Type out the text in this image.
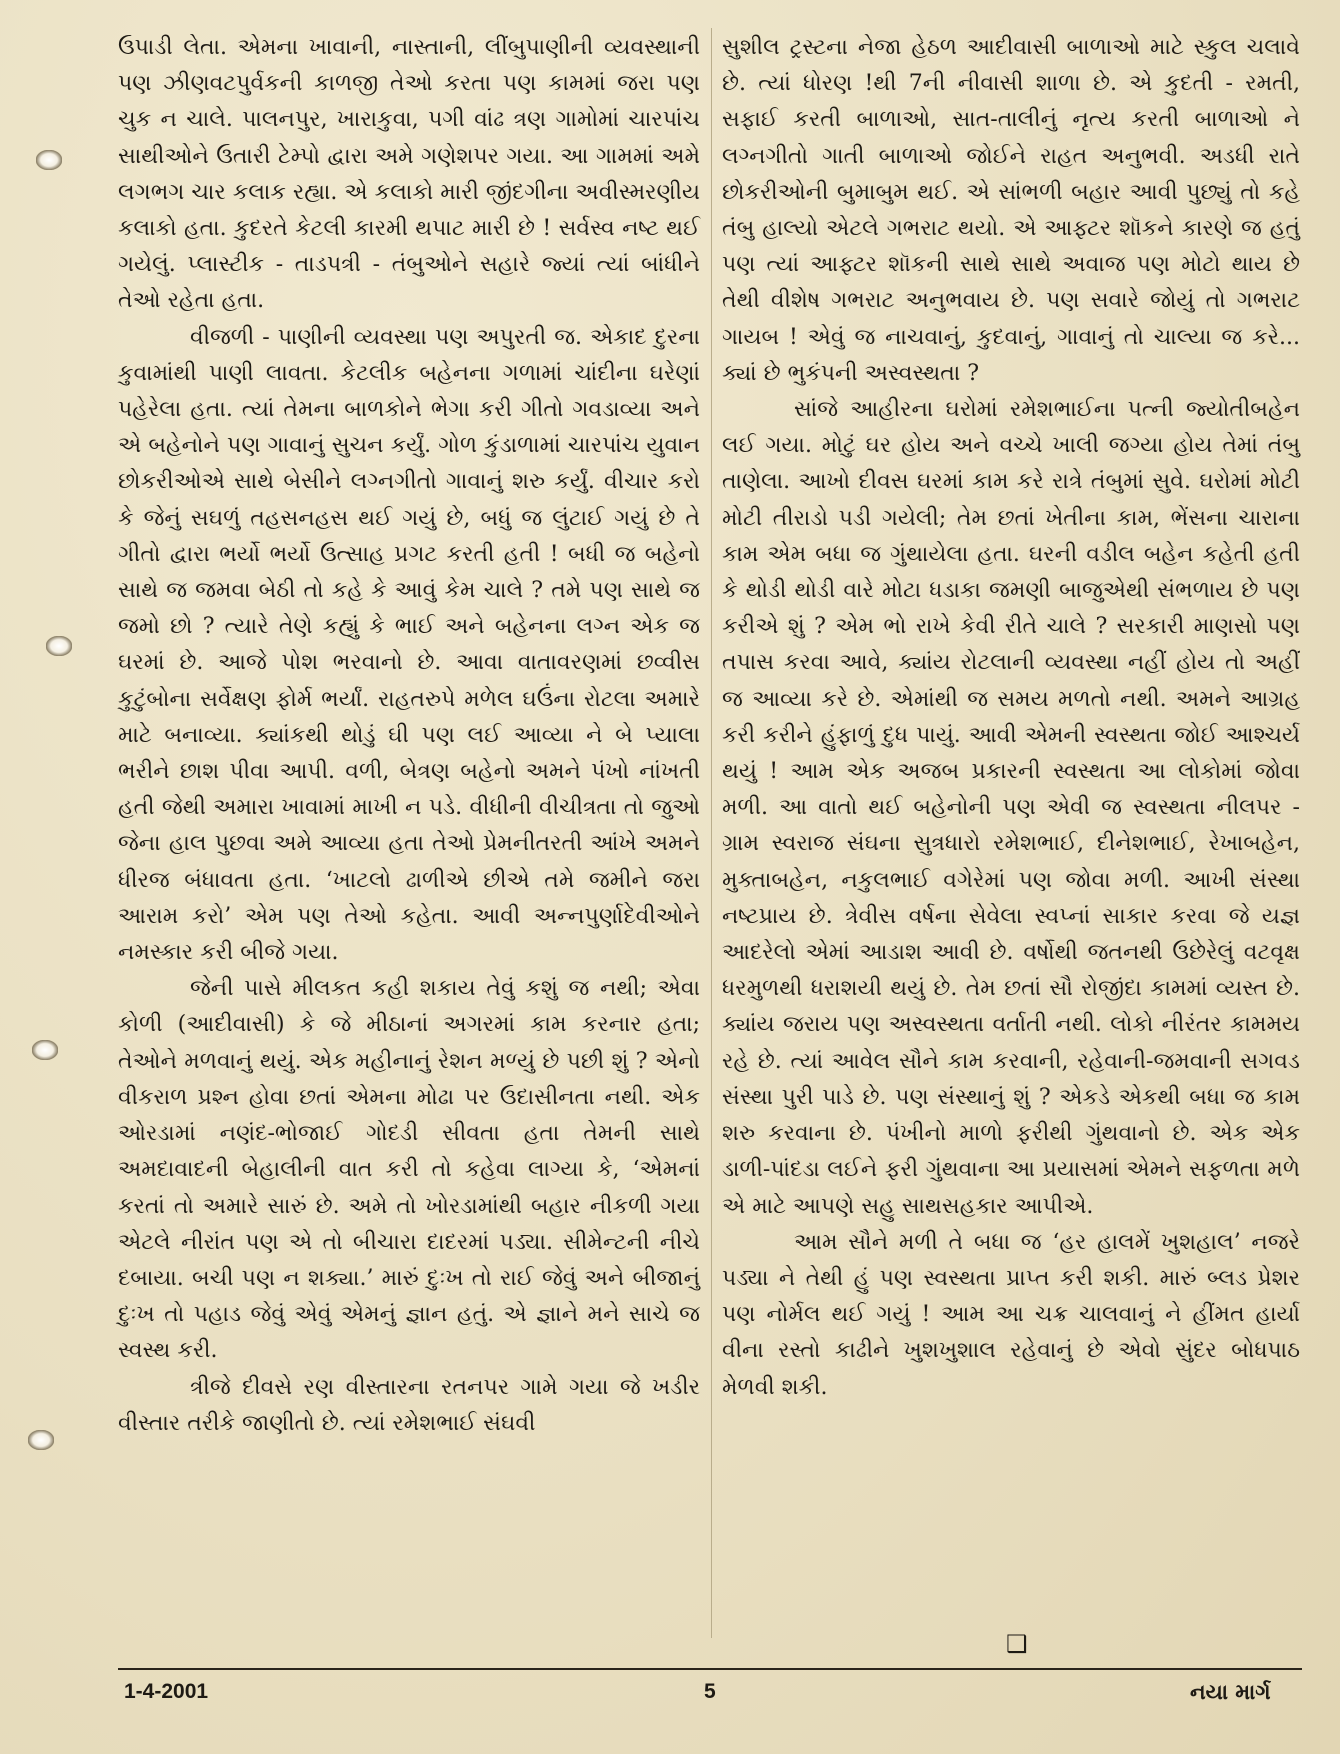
ઉપાડી લેતા. એમના ખાવાની, નાસ્તાની, લીંબુપાણીની વ્યવસ્થાની પણ ઝીણવટપુર્વકની કાળજી તેઓ કરતા પણ કામમાં જરા પણ ચુક ન ચાલે. પાલનપુર, ખારાકુવા, પગી વાંઢ ત્રણ ગામોમાં ચારપાંચ સાથીઓને ઉતારી ટેમ્પો દ્વારા અમે ગણેશપર ગયા. આ ગામમાં અમે લગભગ ચાર કલાક રહ્યા. એ કલાકો મારી જીંદગીના અવીસ્મરણીય કલાકો હતા. કુદરતે કેટલી કારમી થપાટ મારી છે ! સર્વસ્વ નષ્ટ થઈ ગયેલું. પ્લાસ્ટીક - તાડપત્રી - તંબુઓને સહારે જ્યાં ત્યાં બાંધીને તેઓ રહેતા હતા.

વીજળી - પાણીની વ્યવસ્થા પણ અપુરતી જ. એકાદ દુરના કુવામાંથી પાણી લાવતા. કેટલીક બહેનના ગળામાં ચાંદીના ઘરેણાં પહેરેલા હતા. ત્યાં તેમના બાળકોને ભેગા કરી ગીતો ગવડાવ્યા અને એ બહેનોને પણ ગાવાનું સુચન કર્યું. ગોળ કુંડાળામાં ચારપાંચ યુવાન છોકરીઓએ સાથે બેસીને લગ્નગીતો ગાવાનું શરુ કર્યું. વીચાર કરો કે જેનું સઘળું તહસનહસ થઈ ગયું છે, બધું જ લુંટાઈ ગયું છે તે ગીતો દ્વારા ભર્યો ભર્યો ઉત્સાહ પ્રગટ કરતી હતી ! બધી જ બહેનો સાથે જ જમવા બેઠી તો કહે કે આવું કેમ ચાલે ? તમે પણ સાથે જ જમો છો ? ત્યારે તેણે કહ્યું કે ભાઈ અને બહેનના લગ્ન એક જ ઘરમાં છે. આજે પોશ ભરવાનો છે. આવા વાતાવરણમાં છવ્વીસ કુટુંબોના સર્વેક્ષણ ફોર્મ ભર્યાં. રાહતરુપે મળેલ ઘઉંના રોટલા અમારે માટે બનાવ્યા. ક્યાંકથી થોડું ઘી પણ લઈ આવ્યા ને બે પ્યાલા ભરીને છાશ પીવા આપી. વળી, બેત્રણ બહેનો અમને પંખો નાંખતી હતી જેથી અમારા ખાવામાં માખી ન પડે. વીધીની વીચીત્રતા તો જુઓ જેના હાલ પુછવા અમે આવ્યા હતા તેઓ પ્રેમનીતરતી આંખે અમને ધીરજ બંધાવતા હતા. ‘ખાટલો ઢાળીએ છીએ તમે જમીને જરા આરામ કરો’ એમ પણ તેઓ કહેતા. આવી અન્નપુર્ણાદેવીઓને નમસ્કાર કરી બીજે ગયા.

જેની પાસે મીલકત કહી શકાય તેવું કશું જ નથી; એવા કોળી (આદીવાસી) કે જે મીઠાનાં અગરમાં કામ કરનાર હતા; તેઓને મળવાનું થયું. એક મહીનાનું રેશન મળ્યું છે પછી શું ? એનો વીકરાળ પ્રશ્ન હોવા છતાં એમના મોઢા પર ઉદાસીનતા નથી. એક ઓરડામાં નણંદ-ભોજાઈ ગોદડી સીવતા હતા તેમની સાથે અમદાવાદની બેહાલીની વાત કરી તો કહેવા લાગ્યા કે, ‘એમનાં કરતાં તો અમારે સારું છે. અમે તો ખોરડામાંથી બહાર નીકળી ગયા એટલે નીરાંત પણ એ તો બીચારા દાદરમાં પડ્યા. સીમેન્ટની નીચે દબાયા. બચી પણ ન શક્યા.’ મારું દુઃખ તો રાઈ જેવું અને બીજાનું દુઃખ તો પહાડ જેવું એવું એમનું જ્ઞાન હતું. એ જ્ઞાને મને સાચે જ સ્વસ્થ કરી.

ત્રીજે દીવસે રણ વીસ્તારના રતનપર ગામે ગયા જે ખડીર વીસ્તાર તરીકે જાણીતો છે. ત્યાં રમેશભાઈ સંઘવી

સુશીલ ટ્રસ્ટના નેજા હેઠળ આદીવાસી બાળાઓ માટે સ્કુલ ચલાવે છે. ત્યાં ધોરણ !થી 7ની નીવાસી શાળા છે. એ કુદતી - રમતી, સફાઈ કરતી બાળાઓ, સાત-તાલીનું નૃત્ય કરતી બાળાઓ ને લગ્નગીતો ગાતી બાળાઓ જોઈને રાહત અનુભવી. અડધી રાતે છોકરીઓની બુમાબુમ થઈ. એ સાંભળી બહાર આવી પુછ્યું તો કહે તંબુ હાલ્યો એટલે ગભરાટ થયો. એ આફ્ટર શૉકને કારણે જ હતું પણ ત્યાં આફ્ટર શૉકની સાથે સાથે અવાજ પણ મોટો થાય છે તેથી વીશેષ ગભરાટ અનુભવાય છે. પણ સવારે જોયું તો ગભરાટ ગાયબ ! એવું જ નાચવાનું, કુદવાનું, ગાવાનું તો ચાલ્યા જ કરે... ક્યાં છે ભુકંપની અસ્વસ્થતા ?

સાંજે આહીરના ઘરોમાં રમેશભાઈના પત્ની જ્યોતીબહેન લઈ ગયા. મોટું ઘર હોય અને વચ્ચે ખાલી જગ્યા હોય તેમાં તંબુ તાણેલા. આખો દીવસ ઘરમાં કામ કરે રાત્રે તંબુમાં સુવે. ઘરોમાં મોટી મોટી તીરાડો પડી ગયેલી; તેમ છતાં ખેતીના કામ, ભેંસના ચારાના કામ એમ બધા જ ગુંથાયેલા હતા. ઘરની વડીલ બહેન કહેતી હતી કે થોડી થોડી વારે મોટા ધડાકા જમણી બાજુએથી સંભળાય છે પણ કરીએ શું ? એમ ભો રાખે કેવી રીતે ચાલે ? સરકારી માણસો પણ તપાસ કરવા આવે, ક્યાંય રોટલાની વ્યવસ્થા નહીં હોય તો અહીં જ આવ્યા કરે છે. એમાંથી જ સમય મળતો નથી. અમને આગ્રહ કરી કરીને હુંફાળું દુધ પાયું. આવી એમની સ્વસ્થતા જોઈ આશ્ચર્ય થયું ! આમ એક અજબ પ્રકારની સ્વસ્થતા આ લોકોમાં જોવા મળી. આ વાતો થઈ બહેનોની પણ એવી જ સ્વસ્થતા નીલપર - ગ્રામ સ્વરાજ સંઘના સુત્રધારો રમેશભાઈ, દીનેશભાઈ, રેખાબહેન, મુક્તાબહેન, નકુલભાઈ વગેરેમાં પણ જોવા મળી. આખી સંસ્થા નષ્ટપ્રાય છે. ત્રેવીસ વર્ષના સેવેલા સ્વપ્નાં સાકાર કરવા જે યજ્ઞ આદરેલો એમાં આડાશ આવી છે. વર્ષોથી જતનથી ઉછેરેલું વટવૃક્ષ ધરમુળથી ધરાશયી થયું છે. તેમ છતાં સૌ રોજીંદા કામમાં વ્યસ્ત છે. ક્યાંય જરાય પણ અસ્વસ્થતા વર્તાતી નથી. લોકો નીરંતર કામમય રહે છે. ત્યાં આવેલ સૌને કામ કરવાની, રહેવાની-જમવાની સગવડ સંસ્થા પુરી પાડે છે. પણ સંસ્થાનું શું ? એકડે એકથી બધા જ કામ શરુ કરવાના છે. પંખીનો માળો ફરીથી ગુંથવાનો છે. એક એક ડાળી-પાંદડા લઈને ફરી ગુંથવાના આ પ્રયાસમાં એમને સફળતા મળે એ માટે આપણે સહુ સાથસહકાર આપીએ.

આમ સૌને મળી તે બધા જ ‘હર હાલમેં ખુશહાલ’ નજરે પડ્યા ને તેથી હું પણ સ્વસ્થતા પ્રાપ્ત કરી શકી. મારું બ્લડ પ્રેશર પણ નોર્મલ થઈ ગયું ! આમ આ ચક્ર ચાલવાનું ને હીંમત હાર્યા વીના રસ્તો કાઢીને ખુશખુશાલ રહેવાનું છે એવો સુંદર બોધપાઠ મેળવી શકી.

❑
1-4-2001	5	નયા માર્ગ
